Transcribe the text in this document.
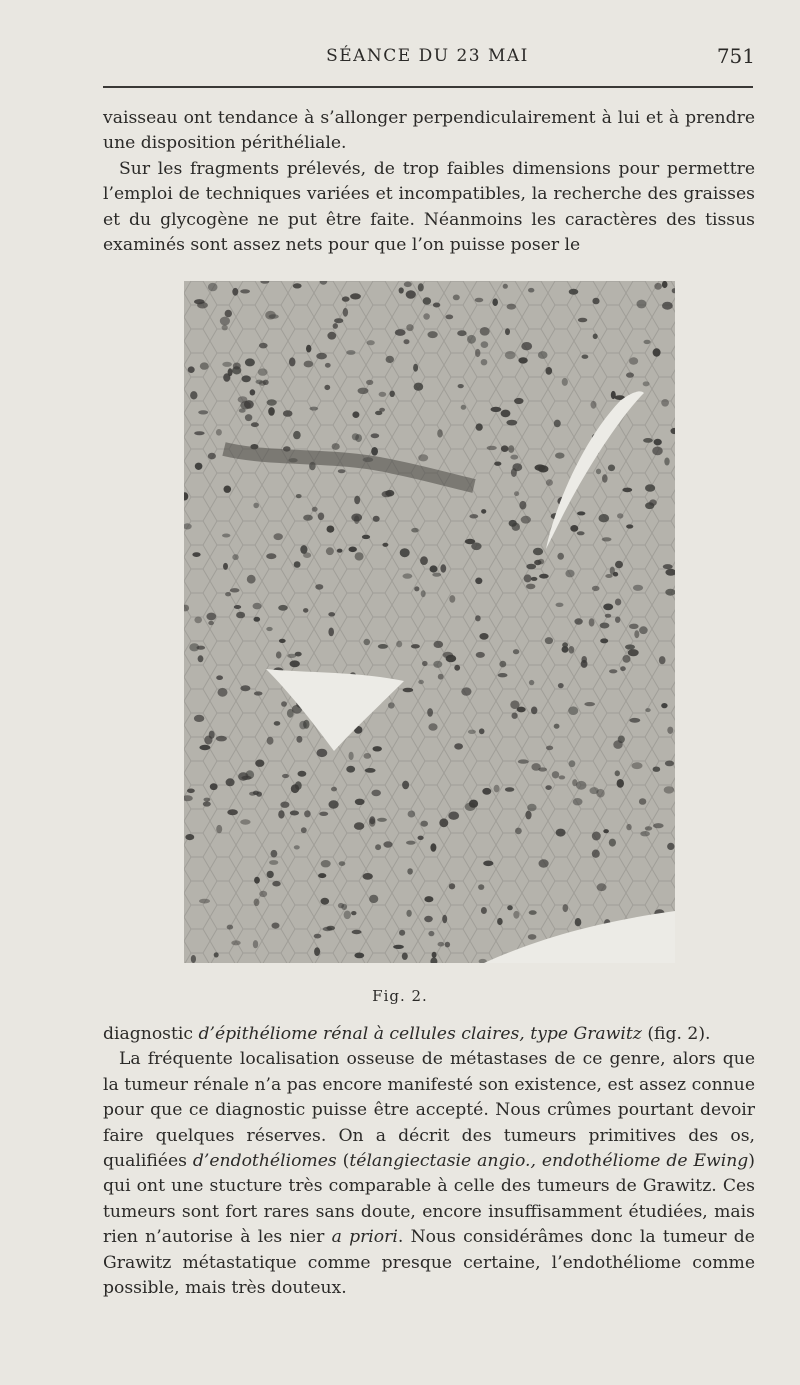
SÉANCE DU 23 MAI	751

vaisseau ont tendance à s’allonger perpendiculairement à lui et à prendre une disposition périthéliale.
Sur les fragments prélevés, de trop faibles dimensions pour permettre l’emploi de techniques variées et incompatibles, la recherche des graisses et du glycogène ne put être faite. Néanmoins les caractères des tissus examinés sont assez nets pour que l’on puisse poser le

Fig. 2.

diagnostic d’épithéliome rénal à cellules claires, type Grawitz (fig. 2).
La fréquente localisation osseuse de métastases de ce genre, alors que la tumeur rénale n’a pas encore manifesté son existence, est assez connue pour que ce diagnostic puisse être accepté. Nous crûmes pourtant devoir faire quelques réserves. On a décrit des tumeurs primitives des os, qualifiées d’endothéliomes (télangiectasie angio., endothéliome de Ewing) qui ont une stucture très comparable à celle des tumeurs de Grawitz. Ces tumeurs sont fort rares sans doute, encore insuffisamment étudiées, mais rien n’autorise à les nier a priori. Nous considérâmes donc la tumeur de Grawitz métastatique comme presque certaine, l’endothéliome comme possible, mais très douteux.
